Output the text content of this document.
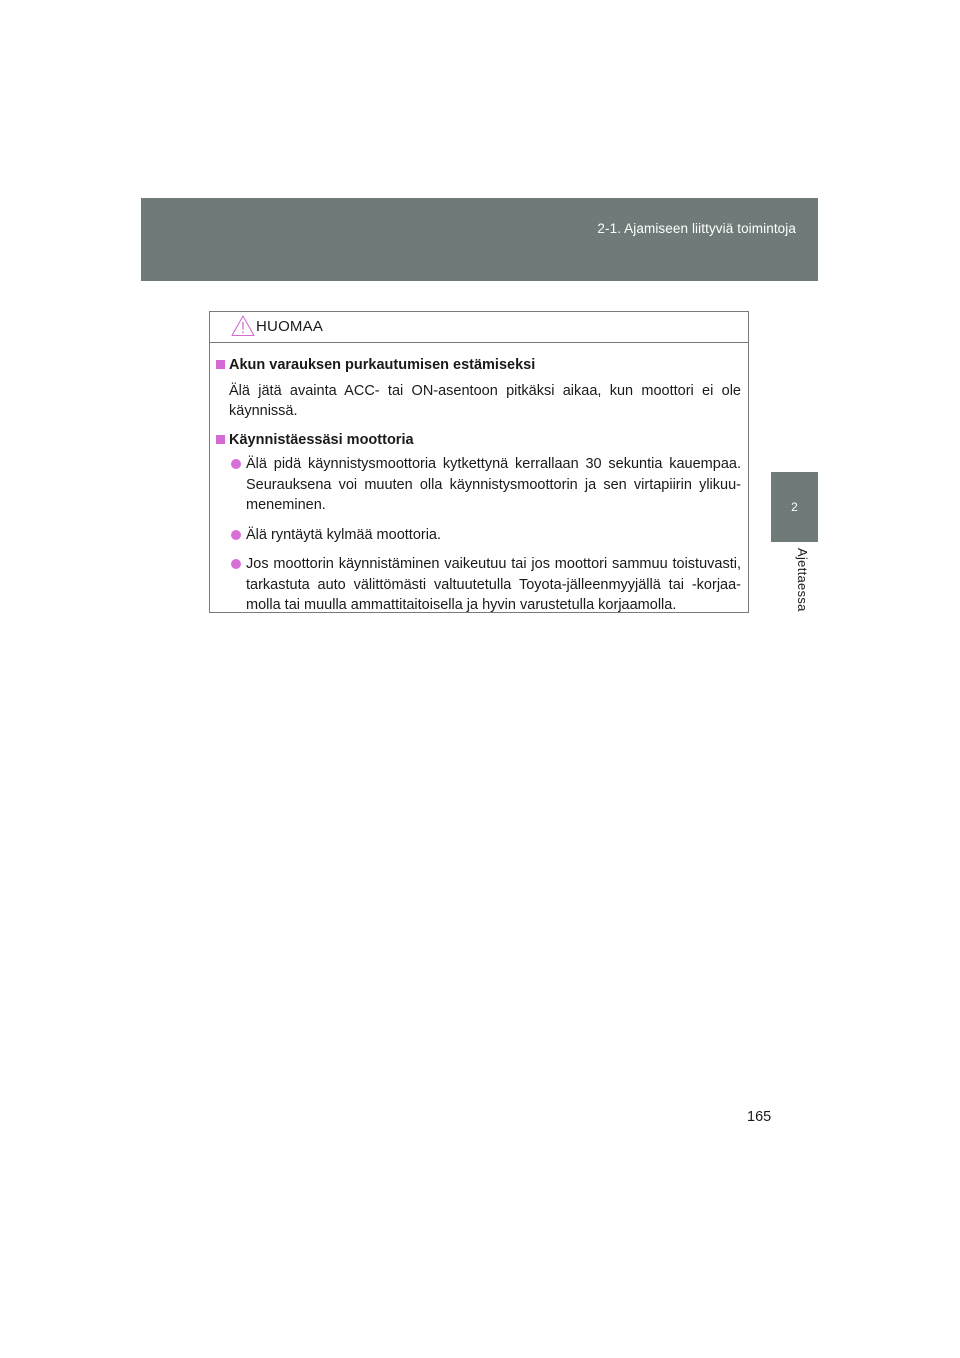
2-1. Ajamiseen liittyviä toimintoja
2
Ajettaessa
HUOMAA

Akun varauksen purkautumisen estämiseksi

Älä jätä avainta ACC- tai ON-asentoon pitkäksi aikaa, kun moottori ei ole käynnissä.

Käynnistäessäsi moottoria

Älä pidä käynnistysmoottoria kytkettynä kerrallaan 30 sekuntia kauempaa. Seurauksena voi muuten olla käynnistysmoottorin ja sen virtapiirin ylikuu-meneminen.
Älä ryntäytä kylmää moottoria.
Jos moottorin käynnistäminen vaikeutuu tai jos moottori sammuu toistuvasti, tarkastuta auto välittömästi valtuutetulla Toyota-jälleenmyyjällä tai -korjaa-molla tai muulla ammattitaitoisella ja hyvin varustetulla korjaamolla.
165
